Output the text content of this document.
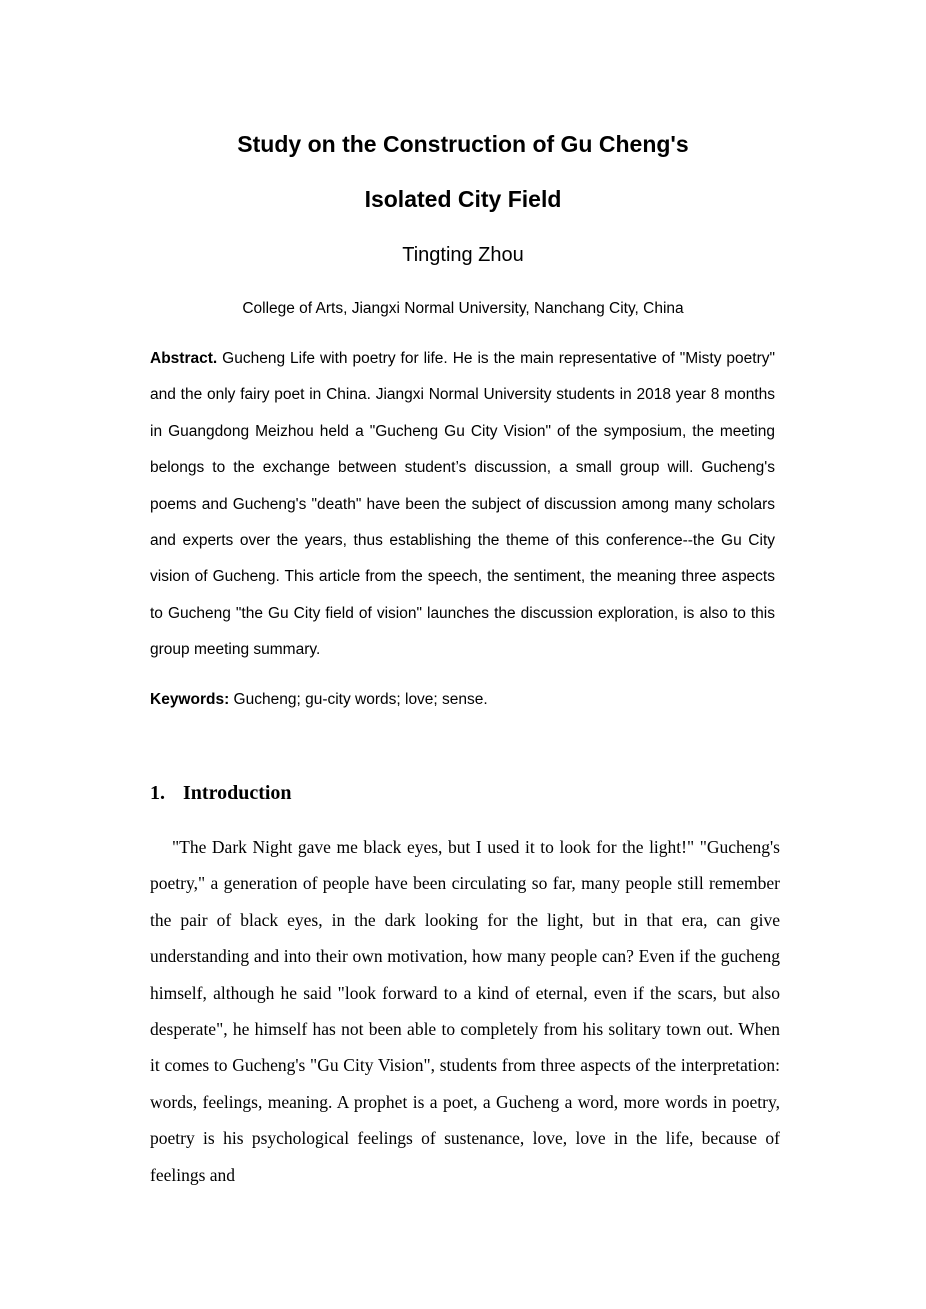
Study on the Construction of Gu Cheng's
Isolated City Field
Tingting Zhou
College of Arts, Jiangxi Normal University, Nanchang City, China
Abstract. Gucheng Life with poetry for life. He is the main representative of "Misty poetry" and the only fairy poet in China. Jiangxi Normal University students in 2018 year 8 months in Guangdong Meizhou held a "Gucheng Gu City Vision" of the symposium, the meeting belongs to the exchange between student’s discussion, a small group will. Gucheng's poems and Gucheng's "death" have been the subject of discussion among many scholars and experts over the years, thus establishing the theme of this conference--the Gu City vision of Gucheng. This article from the speech, the sentiment, the meaning three aspects to Gucheng "the Gu City field of vision" launches the discussion exploration, is also to this group meeting summary.
Keywords: Gucheng; gu-city words; love; sense.
1. Introduction
"The Dark Night gave me black eyes, but I used it to look for the light!" "Gucheng's poetry," a generation of people have been circulating so far, many people still remember the pair of black eyes, in the dark looking for the light, but in that era, can give understanding and into their own motivation, how many people can? Even if the gucheng himself, although he said "look forward to a kind of eternal, even if the scars, but also desperate", he himself has not been able to completely from his solitary town out. When it comes to Gucheng's "Gu City Vision", students from three aspects of the interpretation: words, feelings, meaning. A prophet is a poet, a Gucheng a word, more words in poetry, poetry is his psychological feelings of sustenance, love, love in the life, because of feelings and
